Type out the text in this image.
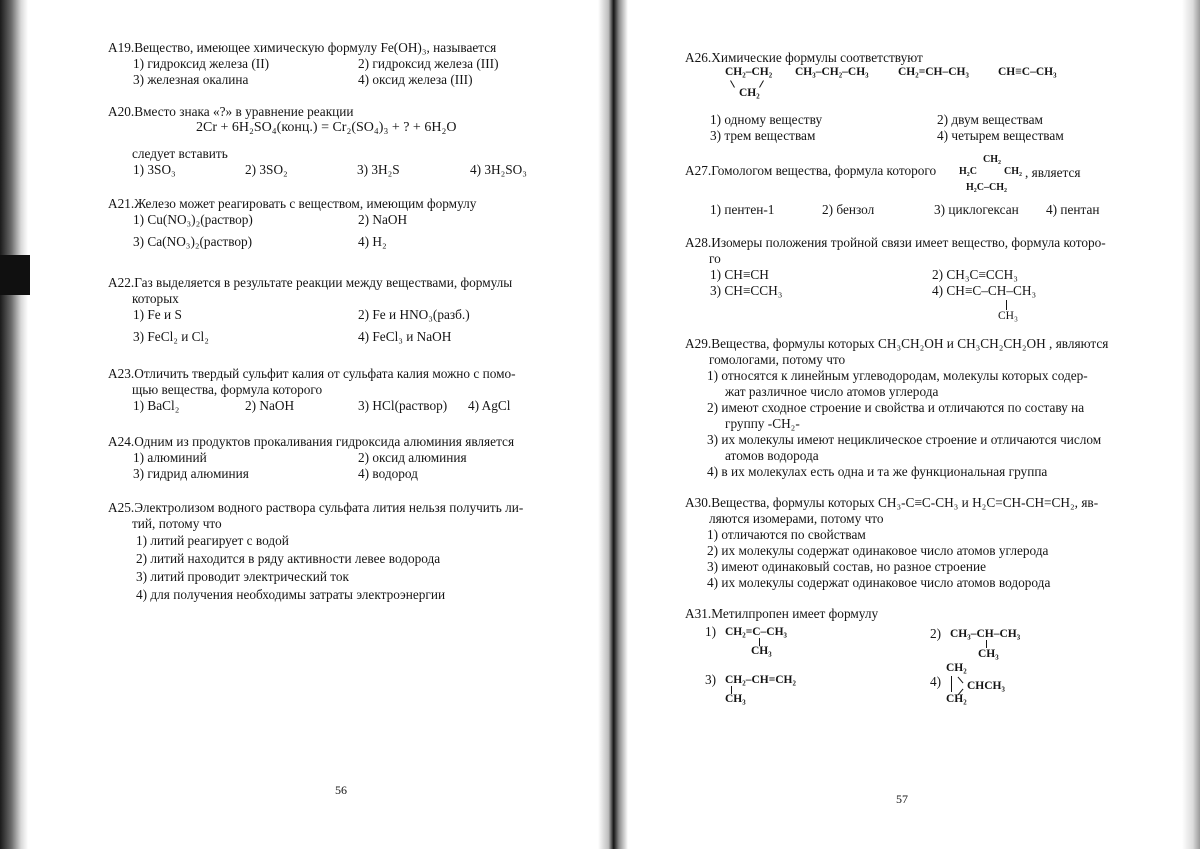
А19.Вещество, имеющее химическую формулу Fe(OH)₃, называется

1) гидроксид железа (II)	2) гидроксид железа (III)
3) железная окалина	4) оксид железа (III)

А20.Вместо знака «?» в уравнение реакции

2Cr + 6H₂SO₄(конц.) = Cr₂(SO₄)₃ + ? + 6H₂O
следует вставить
1) 3SO₃	2) 3SO₂	3) 3H₂S	4) 3H₂SO₃

А21.Железо может реагировать с веществом, имеющим формулу

1) Cu(NO₃)₂(раствор)	2) NaOH
3) Ca(NO₃)₂(раствор)	4) H₂

А22.Газ выделяется в результате реакции между веществами, формулы

которых
1) Fe и S	2) Fe и HNO₃(разб.)
3) FeCl₂ и Cl₂	4) FeCl₃ и NaOH

А23.Отличить твердый сульфит калия от сульфата калия можно с помо-

щью вещества, формула которого
1) BaCl₂	2) NaOH	3) HCl(раствор) 4) AgCl

А24.Одним из продуктов прокаливания гидроксида алюминия является

1) алюминий	2) оксид алюминия
3) гидрид алюминия	4) водород

А25.Электролизом водного раствора сульфата лития нельзя получить ли-

тий, потому что
1) литий реагирует с водой
2) литий находится в ряду активности левее водорода
3) литий проводит электрический ток
4) для получения необходимы затраты электроэнергии
56

А26.Химические формулы соответствуют

CH₂–CH₂
CH₂
CH₃–CH₂–CH₃	CH₂=CH–CH₃	CH≡C–CH₃
1) одному веществу	2) двум веществам
3) трем веществам	4) четырем веществам
А27.Гомологом вещества, формула которого
CH₂
H₂C	CH₂
H₂C–CH₂
, является
1) пентен-1	2) бензол	3) циклогексан 4) пентан

А28.Изомеры положения тройной связи имеет вещество, формула которо-

го
1) CH≡CH	2) CH₃C≡CCH₃
3) CH≡CCH₃	4) CH≡C–CH–CH₃
CH₃

А29.Вещества, формулы которых CH₃CH₂OH и CH₃CH₂CH₂OH , являются

гомологами, потому что
1) относятся к линейным углеводородам, молекулы которых содер-
жат различное число атомов углерода
2) имеют сходное строение и свойства и отличаются по составу на
группу -CH₂-
3) их молекулы имеют нециклическое строение и отличаются числом
атомов водорода
4) в их молекулах есть одна и та же функциональная группа

А30.Вещества, формулы которых CH₃-C≡C-CH₃ и H₂C=CH-CH=CH₂, яв-

ляются изомерами, потому что
1) отличаются по свойствам
2) их молекулы содержат одинаковое число атомов углерода
3) имеют одинаковый состав, но разное строение
4) их молекулы содержат одинаковое число атомов водорода

А31.Метилпропен имеет формулу

1) CH₂=C–CH₃
CH₃
2) CH₃–CH–CH₃
CH₃
3) CH₂–CH=CH₂
CH₃
4)
CH₂
CHCH₃
CH₂
57
